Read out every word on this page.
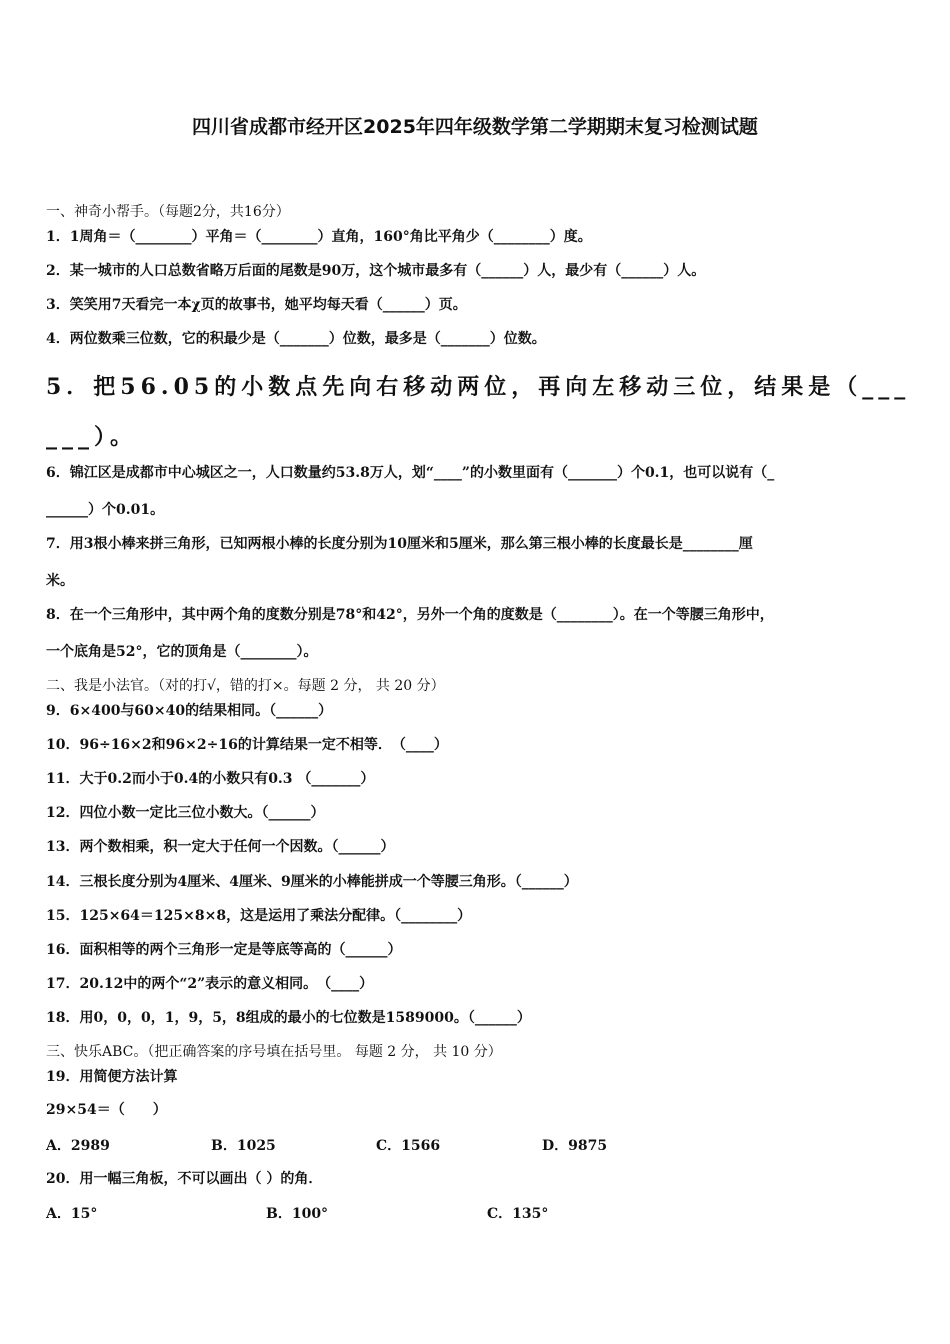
四川省成都市经开区2025年四年级数学第二学期期末复习检测试题
一、神奇小帮手。（每题2分，共16分）
1．1周角＝（________）平角＝（________）直角，160°角比平角少（________）度。
2．某一城市的人口总数省略万后面的尾数是90万，这个城市最多有（______）人，最少有（______）人。
3．笑笑用7天看完一本χ页的故事书，她平均每天看（______）页。
4．两位数乘三位数，它的积最少是（_______）位数，最多是（_______）位数。
5．把56.05的小数点先向右移动两位，再向左移动三位，结果是（___
___）。
6．锦江区是成都市中心城区之一，人口数量约53.8万人，划“____”的小数里面有（_______）个0.1，也可以说有（_
______）个0.01。
7．用3根小棒来拼三角形，已知两根小棒的长度分别为10厘米和5厘米，那么第三根小棒的长度最长是________厘
米。
8．在一个三角形中，其中两个角的度数分别是78°和42°，另外一个角的度数是（________）。在一个等腰三角形中，
一个底角是52°，它的顶角是（________）。
二、我是小法官。（对的打√，错的打×。每题 2 分， 共 20 分）
9．6×400与60×40的结果相同。（______）
10．96÷16×2和96×2÷16的计算结果一定不相等．　（____）
11．大于0.2而小于0.4的小数只有0.3 （_______）
12．四位小数一定比三位小数大。（______）
13．两个数相乘，积一定大于任何一个因数。（______）
14．三根长度分别为4厘米、4厘米、9厘米的小棒能拼成一个等腰三角形。（______）
15．125×64＝125×8×8，这是运用了乘法分配律。（________）
16．面积相等的两个三角形一定是等底等高的（______）
17．20.12中的两个“2”表示的意义相同。　（____）
18．用0，0，0，1，9，5，8组成的最小的七位数是1589000。（______）
三、快乐ABC。（把正确答案的序号填在括号里。 每题 2 分， 共 10 分）
19．用简便方法计算
29×54＝（　　）
A．2989	B．1025	C．1566	D．9875
20．用一幅三角板，不可以画出（ ）的角．
A．15°	B．100°	C．135°
